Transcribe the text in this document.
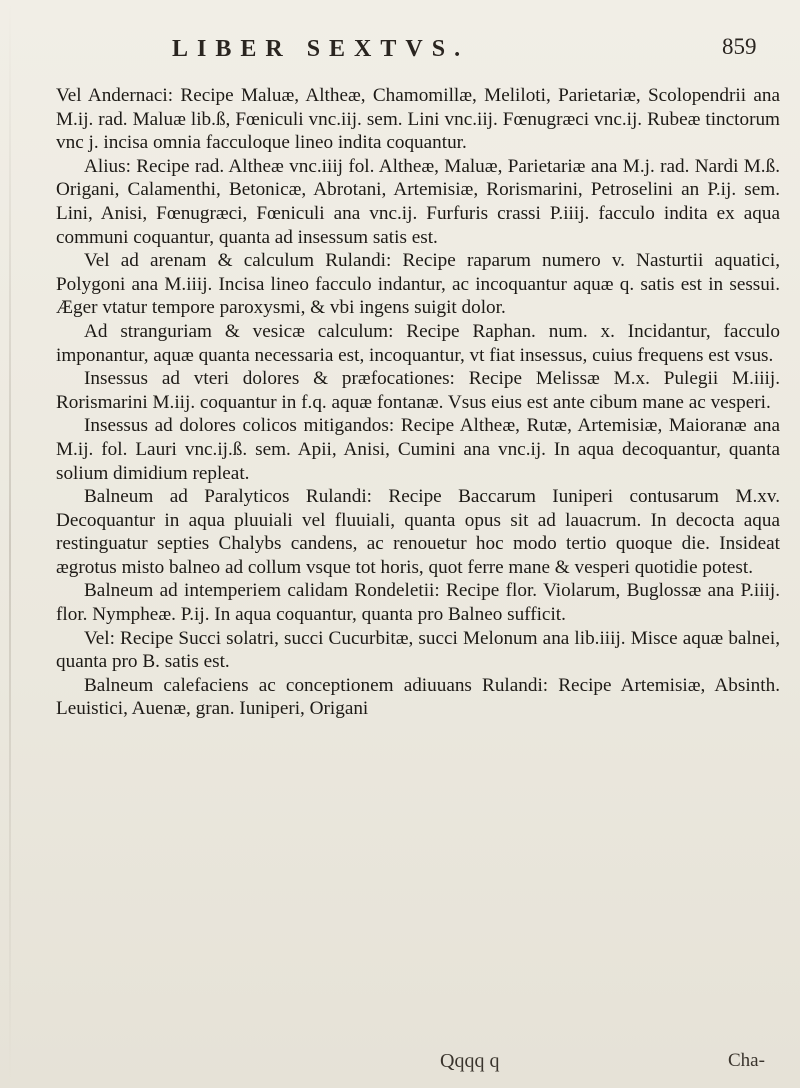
LIBER SEXTVS.	859

Vel Andernaci: Recipe Maluæ, Altheæ, Chamomillæ, Meliloti, Parietariæ, Scolopendrii ana M.ij. rad. Maluæ lib.ß, Fœniculi vnc.iij. sem. Lini vnc.iij. Fœnugræci vnc.ij. Rubeæ tinctorum vnc j. incisa omnia facculoque lineo indita coquantur.

Alius: Recipe rad. Altheæ vnc.iiij fol. Altheæ, Maluæ, Parietariæ ana M.j. rad. Nardi M.ß. Origani, Calamenthi, Betonicæ, Abrotani, Artemisiæ, Rorismarini, Petroselini an P.ij. sem. Lini, Anisi, Fœnugræci, Fœniculi ana vnc.ij. Furfuris crassi P.iiij. facculo indita ex aqua communi coquantur, quanta ad insessum satis est.

Vel ad arenam & calculum Rulandi: Recipe raparum numero v. Nasturtii aquatici, Polygoni ana M.iiij. Incisa lineo facculo indantur, ac incoquantur aquæ q. satis est in sessui. Æger vtatur tempore paroxysmi, & vbi ingens suigit dolor.

Ad stranguriam & vesicæ calculum: Recipe Raphan. num. x. Incidantur, facculo imponantur, aquæ quanta necessaria est, incoquantur, vt fiat insessus, cuius frequens est vsus.

Insessus ad vteri dolores & præfocationes: Recipe Melissæ M.x. Pulegii M.iiij. Rorismarini M.iij. coquantur in f.q. aquæ fontanæ. Vsus eius est ante cibum mane ac vesperi.

Insessus ad dolores colicos mitigandos: Recipe Altheæ, Rutæ, Artemisiæ, Maioranæ ana M.ij. fol. Lauri vnc.ij.ß. sem. Apii, Anisi, Cumini ana vnc.ij. In aqua decoquantur, quanta solium dimidium repleat.

Balneum ad Paralyticos Rulandi: Recipe Baccarum Iuniperi contusarum M.xv. Decoquantur in aqua pluuiali vel fluuiali, quanta opus sit ad lauacrum. In decocta aqua restinguatur septies Chalybs candens, ac renouetur hoc modo tertio quoque die. Insideat ægrotus misto balneo ad collum vsque tot horis, quot ferre mane & vesperi quotidie potest.

Balneum ad intemperiem calidam Rondeletii: Recipe flor. Violarum, Buglossæ ana P.iiij. flor. Nympheæ. P.ij. In aqua coquantur, quanta pro Balneo sufficit.

Vel: Recipe Succi solatri, succi Cucurbitæ, succi Melonum ana lib.iiij. Misce aquæ balnei, quanta pro B. satis est.

Balneum calefaciens ac conceptionem adiuuans Rulandi: Recipe Artemisiæ, Absinth. Leuistici, Auenæ, gran. Iuniperi, Origani

Qqqq q	Cha-
